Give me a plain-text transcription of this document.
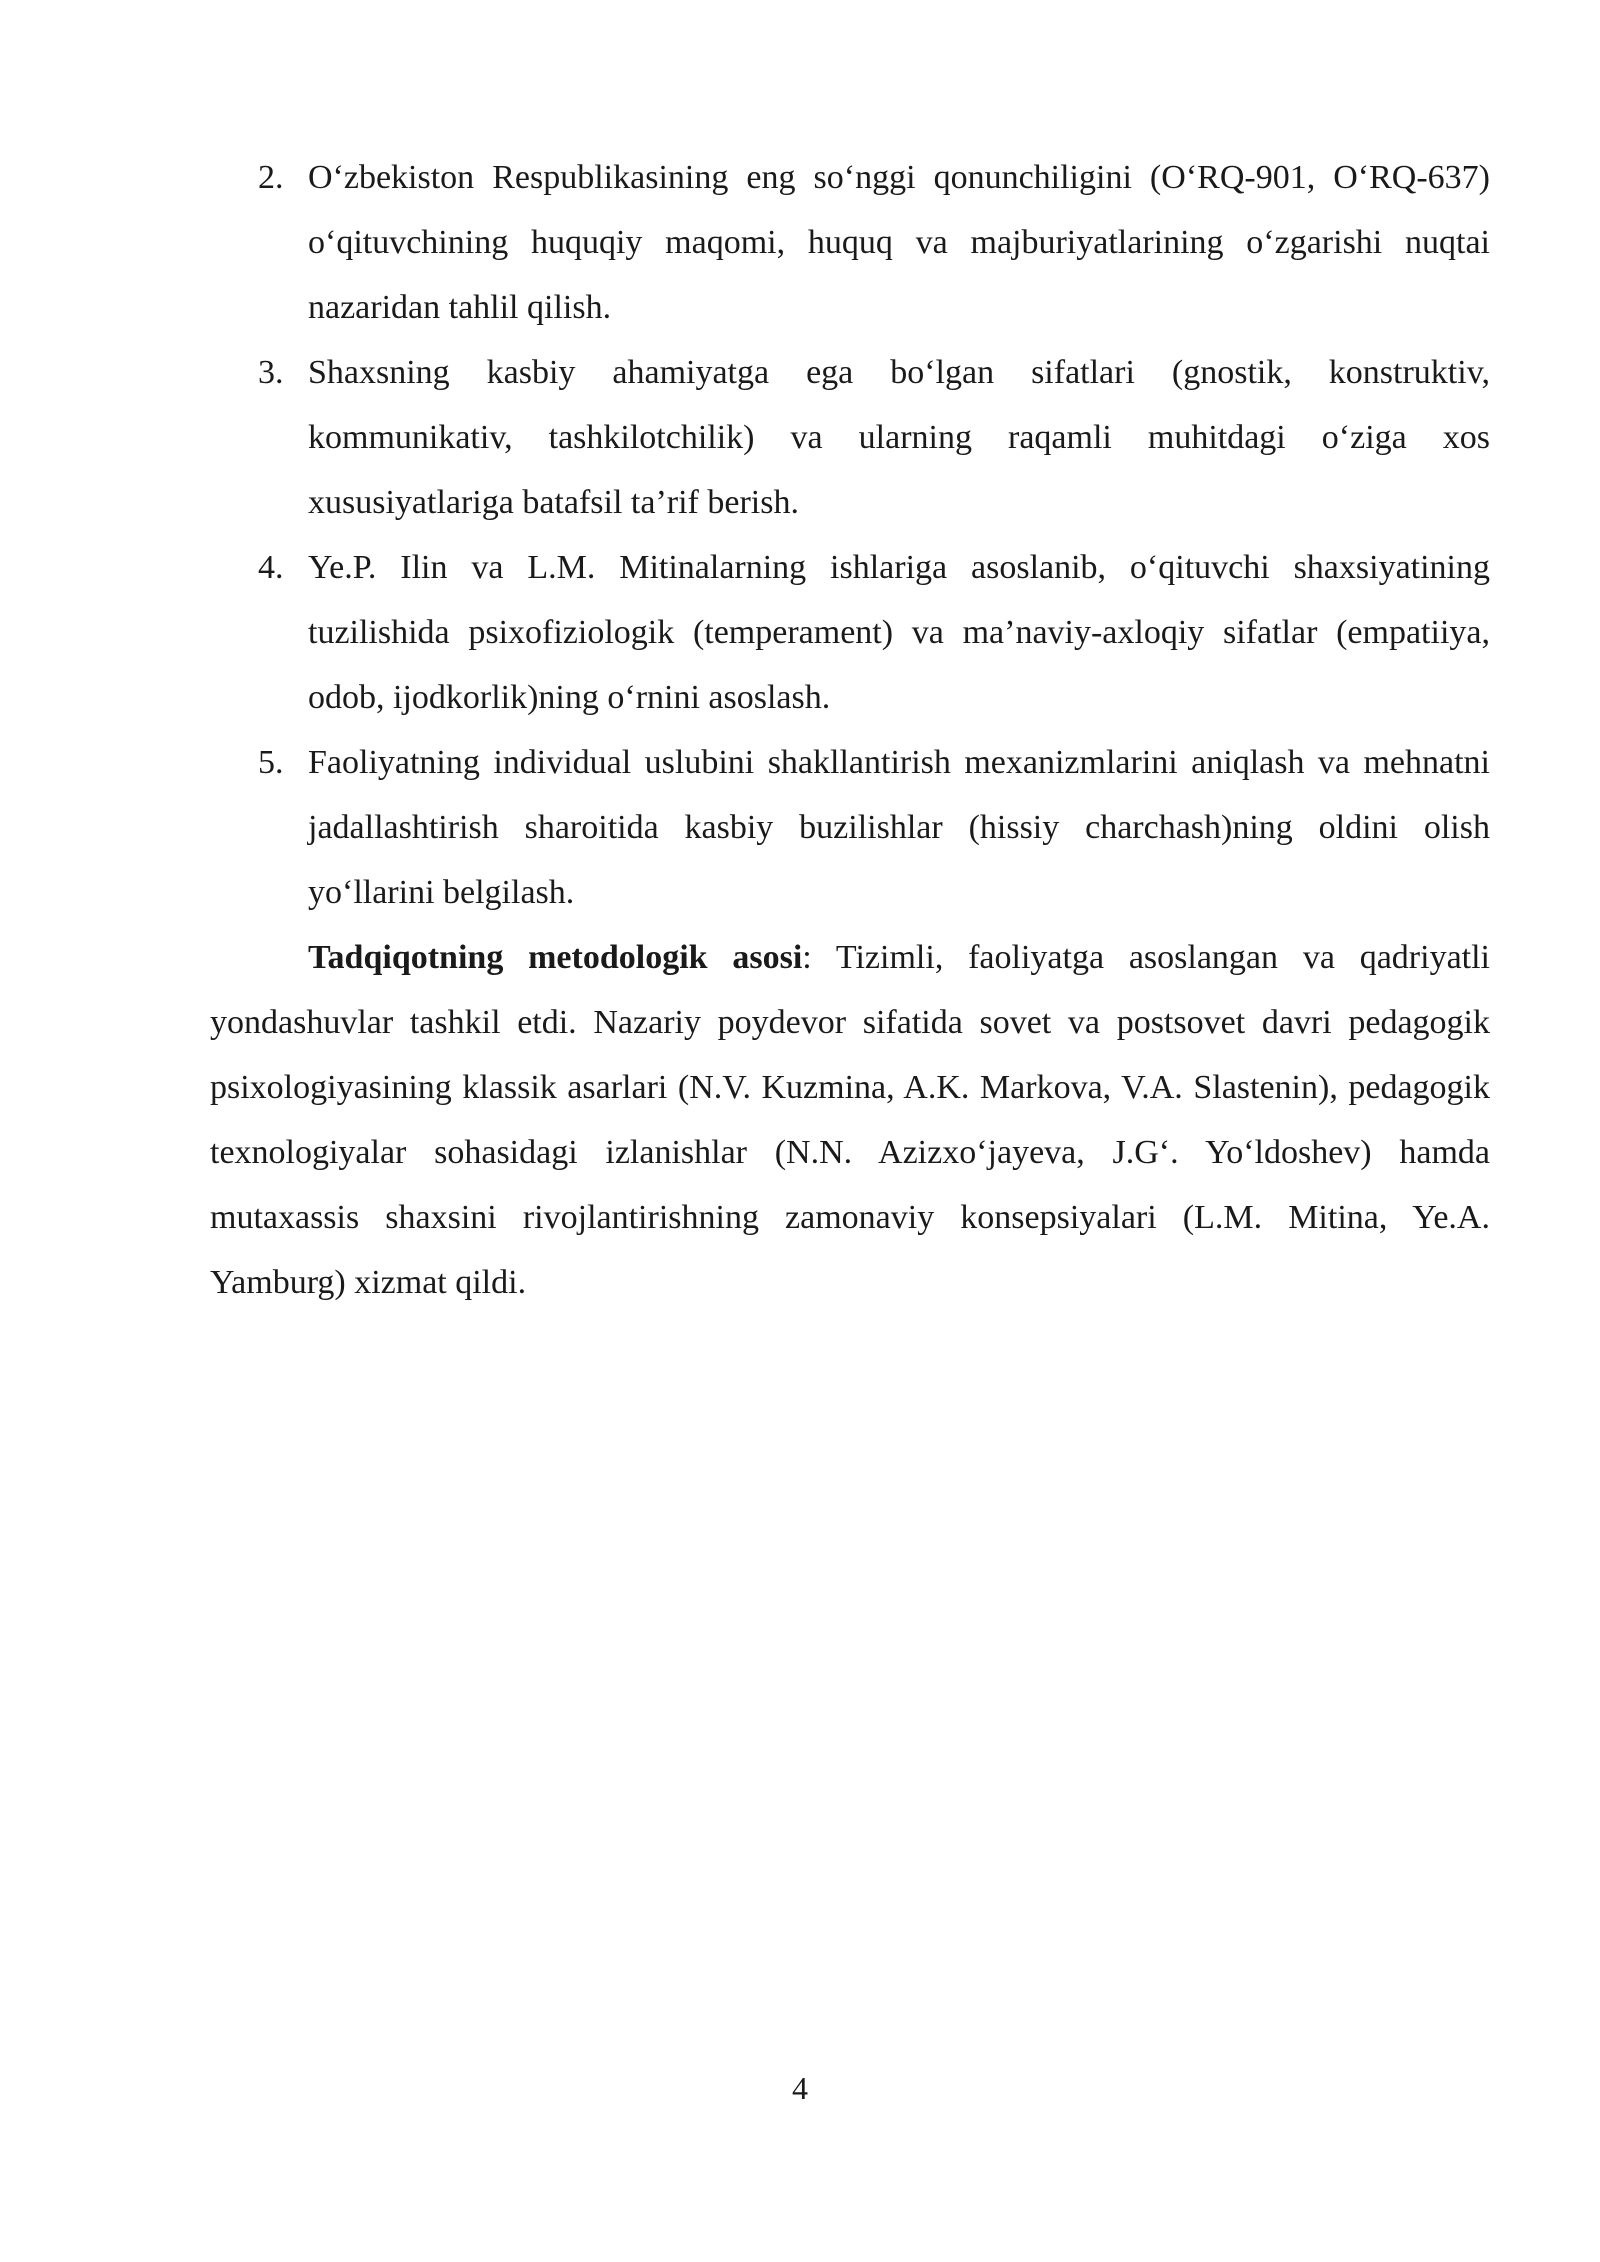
2. O‘zbekiston Respublikasining eng so‘nggi qonunchiligini (O‘RQ-901, O‘RQ-637) o‘qituvchining huquqiy maqomi, huquq va majburiyatlarining o‘zgarishi nuqtai nazaridan tahlil qilish.
3. Shaxsning kasbiy ahamiyatga ega bo‘lgan sifatlari (gnostik, konstruktiv, kommunikativ, tashkilotchilik) va ularning raqamli muhitdagi o‘ziga xos xususiyatlariga batafsil ta’rif berish.
4. Ye.P. Ilin va L.M. Mitinalarning ishlariga asoslanib, o‘qituvchi shaxsiyatining tuzilishida psixofiziologik (temperament) va ma’naviy-axloqiy sifatlar (empatiiya, odob, ijodkorlik)ning o‘rnini asoslash.
5. Faoliyatning individual uslubini shakllantirish mexanizmlarini aniqlash va mehnatni jadallashtirish sharoitida kasbiy buzilishlar (hissiy charchash)ning oldini olish yo‘llarini belgilash.

Tadqiqotning metodologik asosi: Tizimli, faoliyatga asoslangan va qadriyatli yondashuvlar tashkil etdi. Nazariy poydevor sifatida sovet va postsovet davri pedagogik psixologiyasining klassik asarlari (N.V. Kuzmina, A.K. Markova, V.A. Slastenin), pedagogik texnologiyalar sohasidagi izlanishlar (N.N. Azizxo‘jayeva, J.G‘. Yo‘ldoshev) hamda mutaxassis shaxsini rivojlantirishning zamonaviy konsepsiyalari (L.M. Mitina, Ye.A. Yamburg) xizmat qildi.

4
